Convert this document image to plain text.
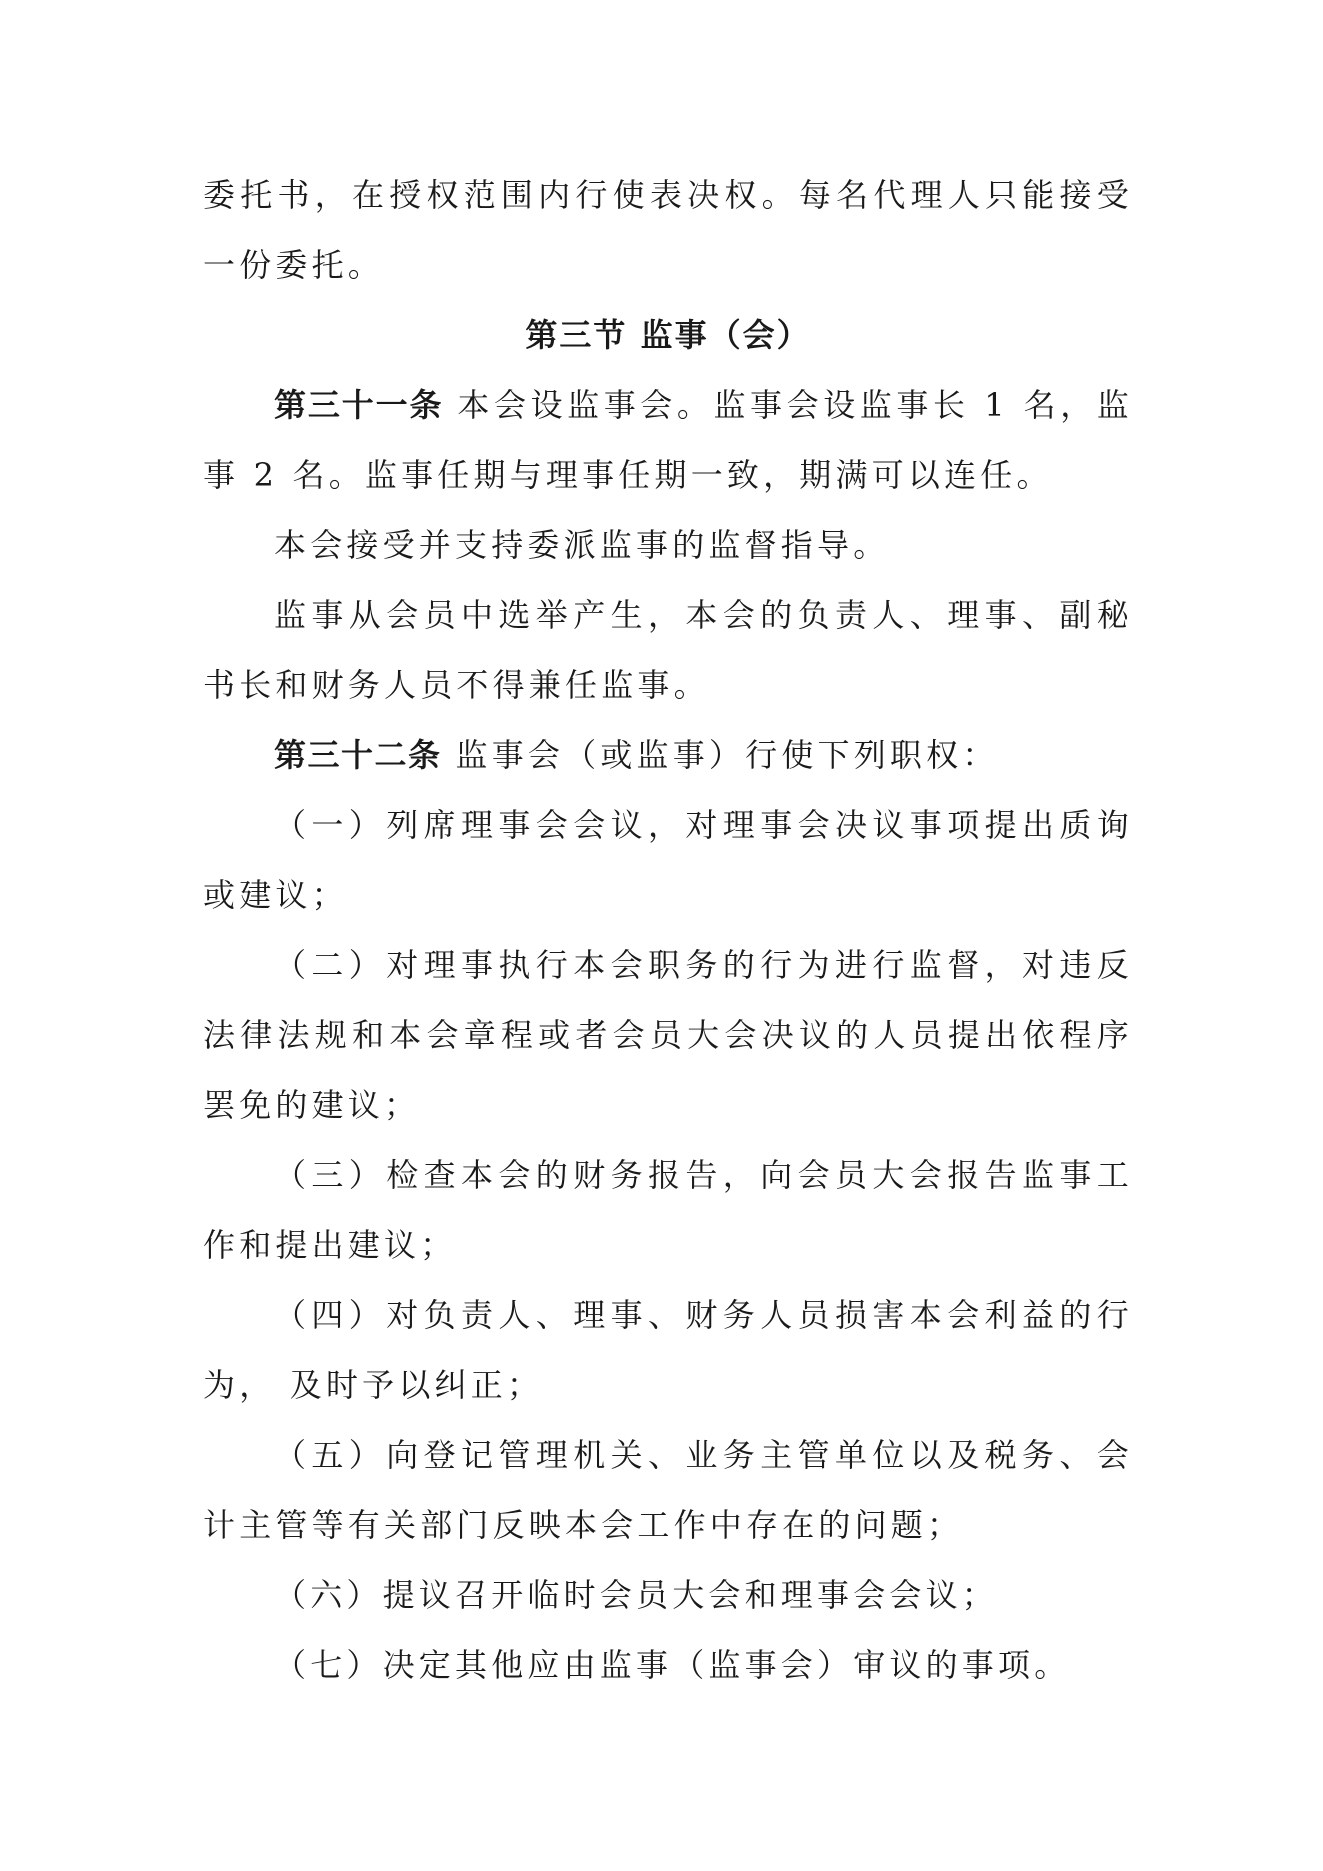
委托书，在授权范围内行使表决权。每名代理人只能接受一份委托。

第三节 监事（会）

第三十一条 本会设监事会。监事会设监事长 1 名，监事 2 名。监事任期与理事任期一致，期满可以连任。

本会接受并支持委派监事的监督指导。

监事从会员中选举产生，本会的负责人、理事、副秘书长和财务人员不得兼任监事。

第三十二条 监事会（或监事）行使下列职权：

（一）列席理事会会议，对理事会决议事项提出质询或建议；

（二）对理事执行本会职务的行为进行监督，对违反法律法规和本会章程或者会员大会决议的人员提出依程序罢免的建议；

（三）检查本会的财务报告，向会员大会报告监事工作和提出建议；

（四）对负责人、理事、财务人员损害本会利益的行为， 及时予以纠正；

（五）向登记管理机关、业务主管单位以及税务、会计主管等有关部门反映本会工作中存在的问题；

（六）提议召开临时会员大会和理事会会议；

（七）决定其他应由监事（监事会）审议的事项。
